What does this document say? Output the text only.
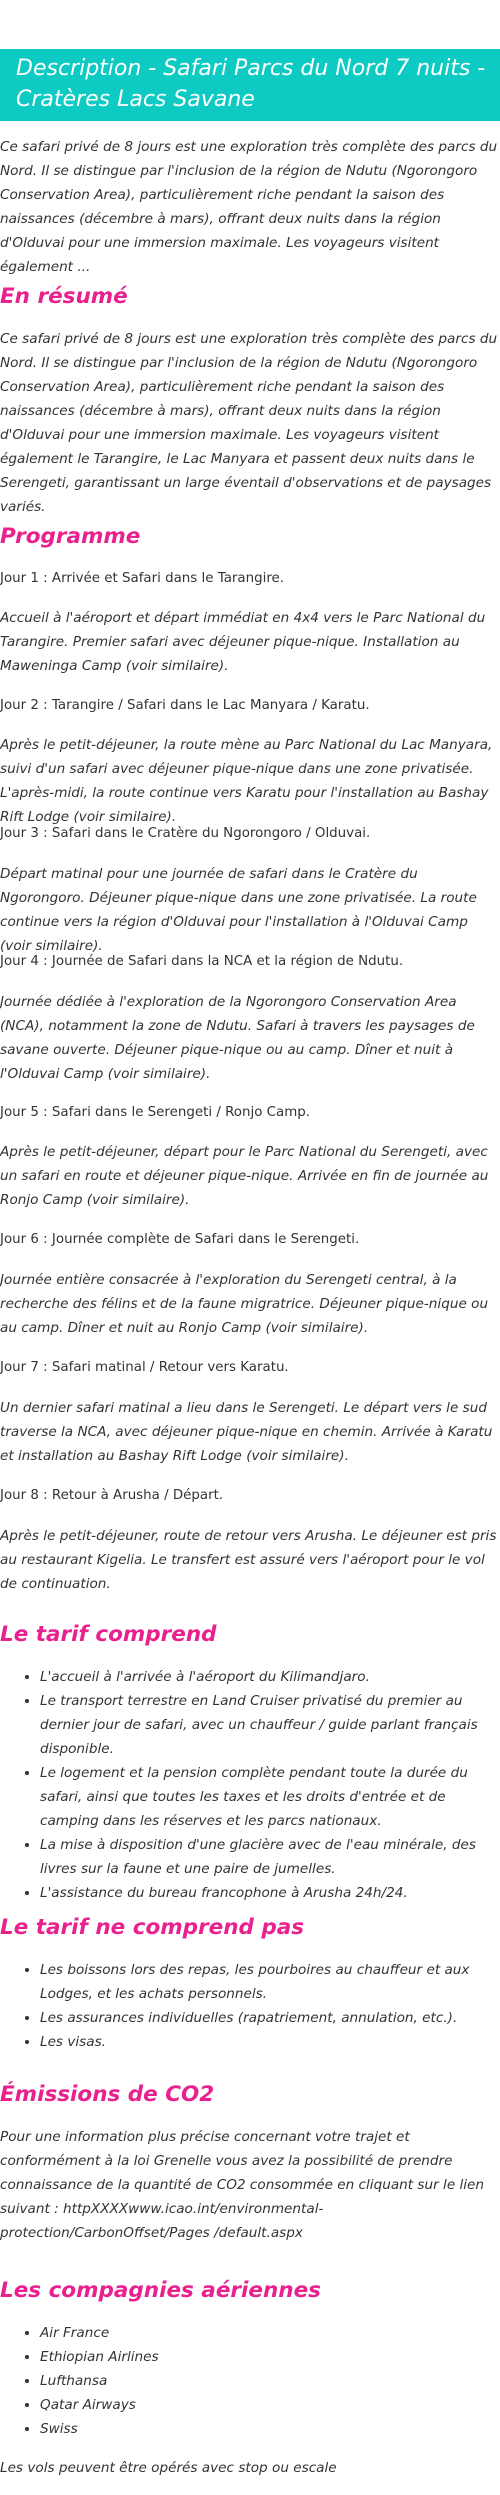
Description - Safari Parcs du Nord 7 nuits - Cratères Lacs Savane

Ce safari privé de 8 jours est une exploration très complète des parcs du Nord. Il se distingue par l'inclusion de la région de Ndutu (Ngorongoro Conservation Area), particulièrement riche pendant la saison des naissances (décembre à mars), offrant deux nuits dans la région d'Olduvai pour une immersion maximale. Les voyageurs visitent également ...

En résumé

Ce safari privé de 8 jours est une exploration très complète des parcs du Nord. Il se distingue par l'inclusion de la région de Ndutu (Ngorongoro Conservation Area), particulièrement riche pendant la saison des naissances (décembre à mars), offrant deux nuits dans la région d'Olduvai pour une immersion maximale. Les voyageurs visitent également le Tarangire, le Lac Manyara et passent deux nuits dans le Serengeti, garantissant un large éventail d'observations et de paysages variés.

Programme

Jour 1 : Arrivée et Safari dans le Tarangire.

Accueil à l'aéroport et départ immédiat en 4x4 vers le Parc National du Tarangire. Premier safari avec déjeuner pique-nique. Installation au Maweninga Camp (voir similaire).

Jour 2 : Tarangire / Safari dans le Lac Manyara / Karatu.

Après le petit-déjeuner, la route mène au Parc National du Lac Manyara, suivi d'un safari avec déjeuner pique-nique dans une zone privatisée. L'après-midi, la route continue vers Karatu pour l'installation au Bashay Rift Lodge (voir similaire).

Jour 3 : Safari dans le Cratère du Ngorongoro / Olduvai.

Départ matinal pour une journée de safari dans le Cratère du Ngorongoro. Déjeuner pique-nique dans une zone privatisée. La route continue vers la région d'Olduvai pour l'installation à l'Olduvai Camp (voir similaire).

Jour 4 : Journée de Safari dans la NCA et la région de Ndutu.

Journée dédiée à l'exploration de la Ngorongoro Conservation Area (NCA), notamment la zone de Ndutu. Safari à travers les paysages de savane ouverte. Déjeuner pique-nique ou au camp. Dîner et nuit à l'Olduvai Camp (voir similaire).

Jour 5 : Safari dans le Serengeti / Ronjo Camp.

Après le petit-déjeuner, départ pour le Parc National du Serengeti, avec un safari en route et déjeuner pique-nique. Arrivée en fin de journée au Ronjo Camp (voir similaire).

Jour 6 : Journée complète de Safari dans le Serengeti.

Journée entière consacrée à l'exploration du Serengeti central, à la recherche des félins et de la faune migratrice. Déjeuner pique-nique ou au camp. Dîner et nuit au Ronjo Camp (voir similaire).

Jour 7 : Safari matinal / Retour vers Karatu.

Un dernier safari matinal a lieu dans le Serengeti. Le départ vers le sud traverse la NCA, avec déjeuner pique-nique en chemin. Arrivée à Karatu et installation au Bashay Rift Lodge (voir similaire).

Jour 8 : Retour à Arusha / Départ.

Après le petit-déjeuner, route de retour vers Arusha. Le déjeuner est pris au restaurant Kigelia. Le transfert est assuré vers l'aéroport pour le vol de continuation.

Le tarif comprend
• L'accueil à l'arrivée à l'aéroport du Kilimandjaro.
• Le transport terrestre en Land Cruiser privatisé du premier au dernier jour de safari, avec un chauffeur / guide parlant français disponible.
• Le logement et la pension complète pendant toute la durée du safari, ainsi que toutes les taxes et les droits d'entrée et de camping dans les réserves et les parcs nationaux.
• La mise à disposition d'une glacière avec de l'eau minérale, des livres sur la faune et une paire de jumelles.
• L'assistance du bureau francophone à Arusha 24h/24.
Le tarif ne comprend pas
• Les boissons lors des repas, les pourboires au chauffeur et aux Lodges, et les achats personnels.
• Les assurances individuelles (rapatriement, annulation, etc.).
• Les visas.
Émissions de CO2

Pour une information plus précise concernant votre trajet et conformément à la loi Grenelle vous avez la possibilité de prendre connaissance de la quantité de CO2 consommée en cliquant sur le lien suivant : httpXXXXwww.icao.int/environmental-protection/CarbonOffset/Pages /default.aspx

Les compagnies aériennes
• Air France
• Ethiopian Airlines
• Lufthansa
• Qatar Airways
• Swiss

Les vols peuvent être opérés avec stop ou escale
